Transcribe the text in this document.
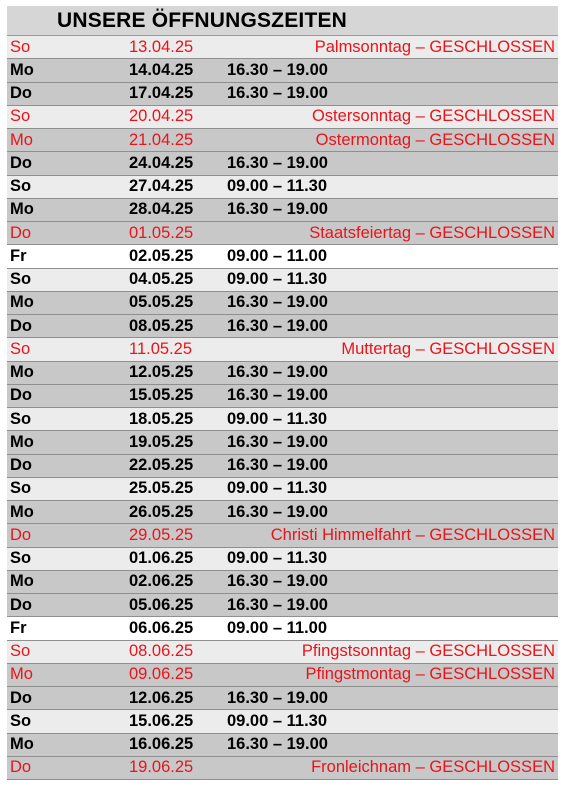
UNSERE ÖFFNUNGSZEITEN
So	13.04.25	Palmsonntag – GESCHLOSSEN
Mo	14.04.25	16.30 – 19.00
Do	17.04.25	16.30 – 19.00
So	20.04.25	Ostersonntag – GESCHLOSSEN
Mo	21.04.25	Ostermontag – GESCHLOSSEN
Do	24.04.25	16.30 – 19.00
So	27.04.25	09.00 – 11.30
Mo	28.04.25	16.30 – 19.00
Do	01.05.25	Staatsfeiertag – GESCHLOSSEN
Fr	02.05.25	09.00 – 11.00
So	04.05.25	09.00 – 11.30
Mo	05.05.25	16.30 – 19.00
Do	08.05.25	16.30 – 19.00
So	11.05.25	Muttertag – GESCHLOSSEN
Mo	12.05.25	16.30 – 19.00
Do	15.05.25	16.30 – 19.00
So	18.05.25	09.00 – 11.30
Mo	19.05.25	16.30 – 19.00
Do	22.05.25	16.30 – 19.00
So	25.05.25	09.00 – 11.30
Mo	26.05.25	16.30 – 19.00
Do	29.05.25	Christi Himmelfahrt – GESCHLOSSEN
So	01.06.25	09.00 – 11.30
Mo	02.06.25	16.30 – 19.00
Do	05.06.25	16.30 – 19.00
Fr	06.06.25	09.00 – 11.00
So	08.06.25	Pfingstsonntag – GESCHLOSSEN
Mo	09.06.25	Pfingstmontag – GESCHLOSSEN
Do	12.06.25	16.30 – 19.00
So	15.06.25	09.00 – 11.30
Mo	16.06.25	16.30 – 19.00
Do	19.06.25	Fronleichnam – GESCHLOSSEN
